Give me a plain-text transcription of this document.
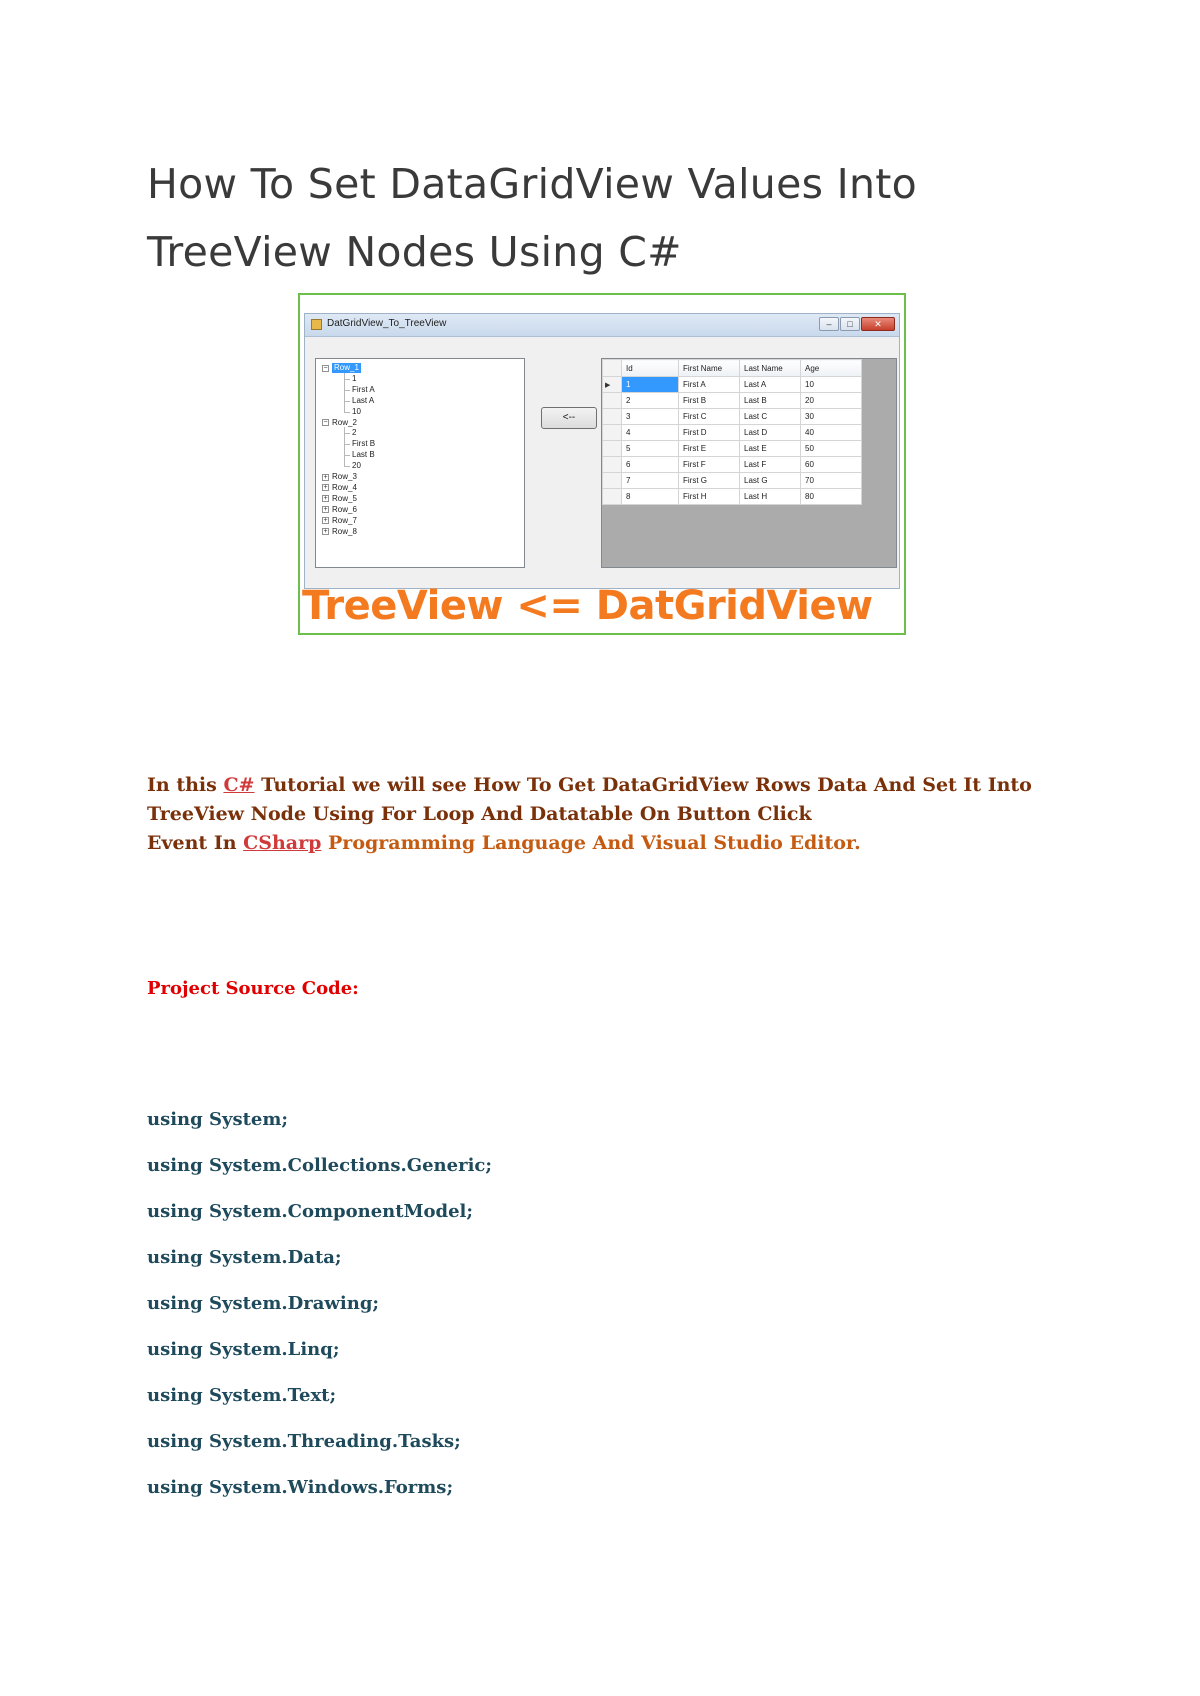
How To Set DataGridView Values Into TreeView Nodes Using C#
DatGridView_To_TreeView	–	□	✕
− Row_1
1
First A
Last A
10
− Row_2
2
First B
Last B
20
+ Row_3
+ Row_4
+ Row_5
+ Row_6
+ Row_7
+ Row_8
<--
	Id	First Name	Last Name	Age
▶	1	First A	Last A	10
	2	First B	Last B	20
	3	First C	Last C	30
	4	First D	Last D	40
	5	First E	Last E	50
	6	First F	Last F	60
	7	First G	Last G	70
	8	First H	Last H	80
TreeView <= DatGridView

In this C# Tutorial we will see How To Get DataGridView Rows Data And Set It Into TreeView Node Using For Loop And Datatable On Button Click
Event In CSharp Programming Language And Visual Studio Editor.

Project Source Code:

using System;
using System.Collections.Generic;
using System.ComponentModel;
using System.Data;
using System.Drawing;
using System.Linq;
using System.Text;
using System.Threading.Tasks;
using System.Windows.Forms;
